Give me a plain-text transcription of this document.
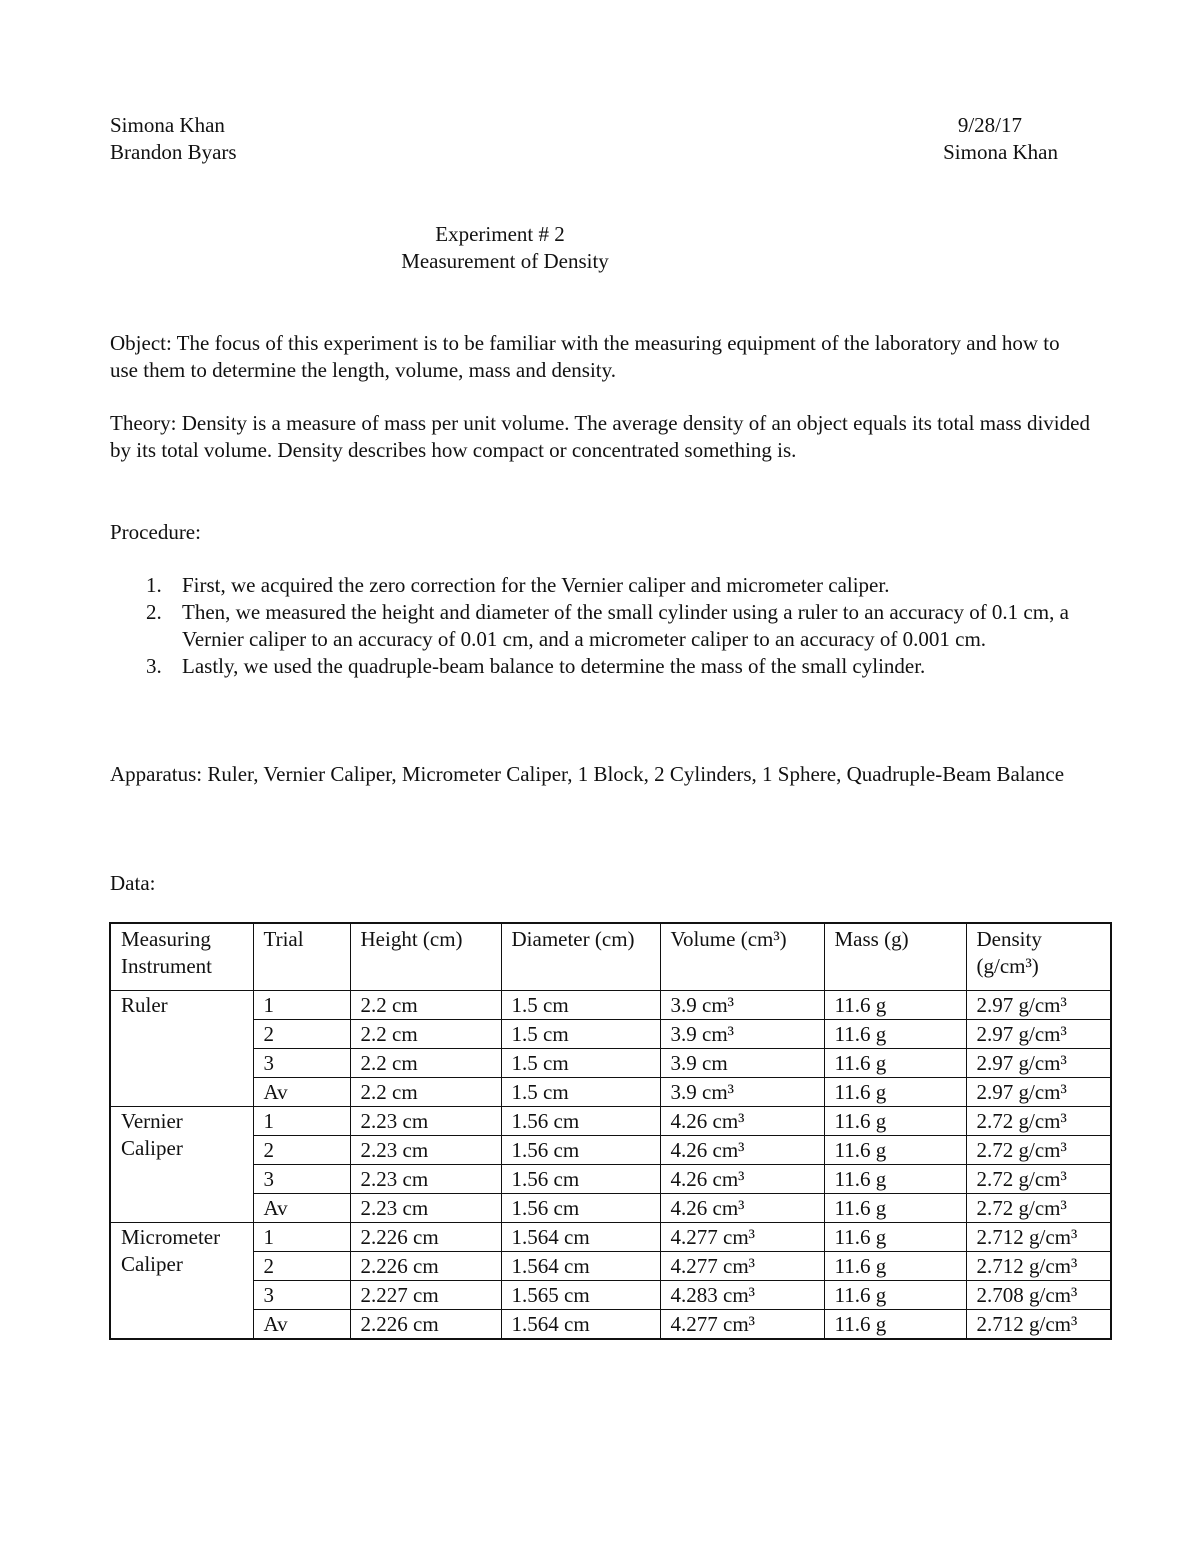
Simona Khan
Brandon Byars
9/28/17
Simona Khan
Experiment # 2
Measurement of Density
Object: The focus of this experiment is to be familiar with the measuring equipment of the laboratory and how to use them to determine the length, volume, mass and density.
Theory: Density is a measure of mass per unit volume. The average density of an object equals its total mass divided by its total volume. Density describes how compact or concentrated something is.
Procedure:
1. First, we acquired the zero correction for the Vernier caliper and micrometer caliper.
2. Then, we measured the height and diameter of the small cylinder using a ruler to an accuracy of 0.1 cm, a Vernier caliper to an accuracy of 0.01 cm, and a micrometer caliper to an accuracy of 0.001 cm.
3. Lastly, we used the quadruple-beam balance to determine the mass of the small cylinder.
Apparatus: Ruler, Vernier Caliper, Micrometer Caliper, 1 Block, 2 Cylinders, 1 Sphere, Quadruple-Beam Balance
Data:
Measuring Instrument	Trial	Height (cm)	Diameter (cm)	Volume (cm³)	Mass (g)	Density (g/cm³)
Ruler	1	2.2 cm	1.5 cm	3.9 cm³	11.6 g	2.97 g/cm³
	2	2.2 cm	1.5 cm	3.9 cm³	11.6 g	2.97 g/cm³
	3	2.2 cm	1.5 cm	3.9 cm	11.6 g	2.97 g/cm³
	Av	2.2 cm	1.5 cm	3.9 cm³	11.6 g	2.97 g/cm³
Vernier Caliper	1	2.23 cm	1.56 cm	4.26 cm³	11.6 g	2.72 g/cm³
	2	2.23 cm	1.56 cm	4.26 cm³	11.6 g	2.72 g/cm³
	3	2.23 cm	1.56 cm	4.26 cm³	11.6 g	2.72 g/cm³
	Av	2.23 cm	1.56 cm	4.26 cm³	11.6 g	2.72 g/cm³
Micrometer Caliper	1	2.226 cm	1.564 cm	4.277 cm³	11.6 g	2.712 g/cm³
	2	2.226 cm	1.564 cm	4.277 cm³	11.6 g	2.712 g/cm³
	3	2.227 cm	1.565 cm	4.283 cm³	11.6 g	2.708 g/cm³
	Av	2.226 cm	1.564 cm	4.277 cm³	11.6 g	2.712 g/cm³
